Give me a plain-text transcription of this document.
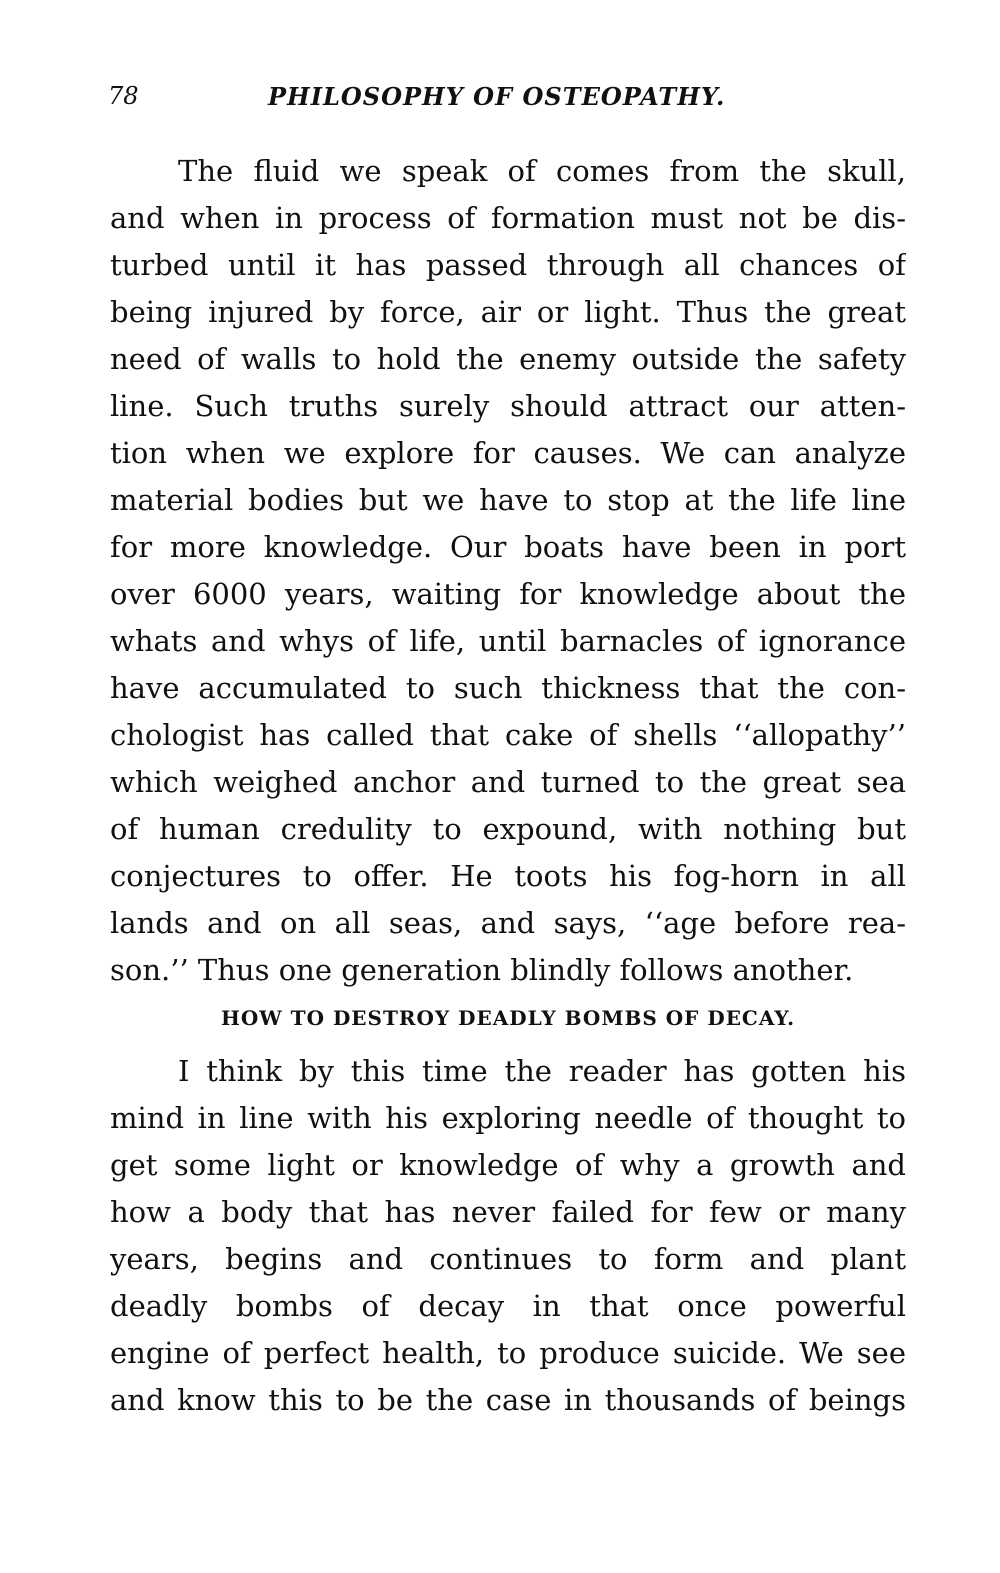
78	PHILOSOPHY OF OSTEOPATHY.
The fluid we speak of comes from the skull,
and when in process of formation must not be dis-
turbed until it has passed through all chances of
being injured by force, air or light. Thus the great
need of walls to hold the enemy outside the safety
line. Such truths surely should attract our atten-
tion when we explore for causes. We can analyze
material bodies but we have to stop at the life line
for more knowledge. Our boats have been in port
over 6000 years, waiting for knowledge about the
whats and whys of life, until barnacles of ignorance
have accumulated to such thickness that the con-
chologist has called that cake of shells ‘‘allopathy’’
which weighed anchor and turned to the great sea
of human credulity to expound, with nothing but
conjectures to offer. He toots his fog-horn in all
lands and on all seas, and says, ‘‘age before rea-
son.’’ Thus one generation blindly follows another.
HOW TO DESTROY DEADLY BOMBS OF DECAY.
I think by this time the reader has gotten his
mind in line with his exploring needle of thought to
get some light or knowledge of why a growth and
how a body that has never failed for few or many
years, begins and continues to form and plant
deadly bombs of decay in that once powerful
engine of perfect health, to produce suicide. We see
and know this to be the case in thousands of beings
